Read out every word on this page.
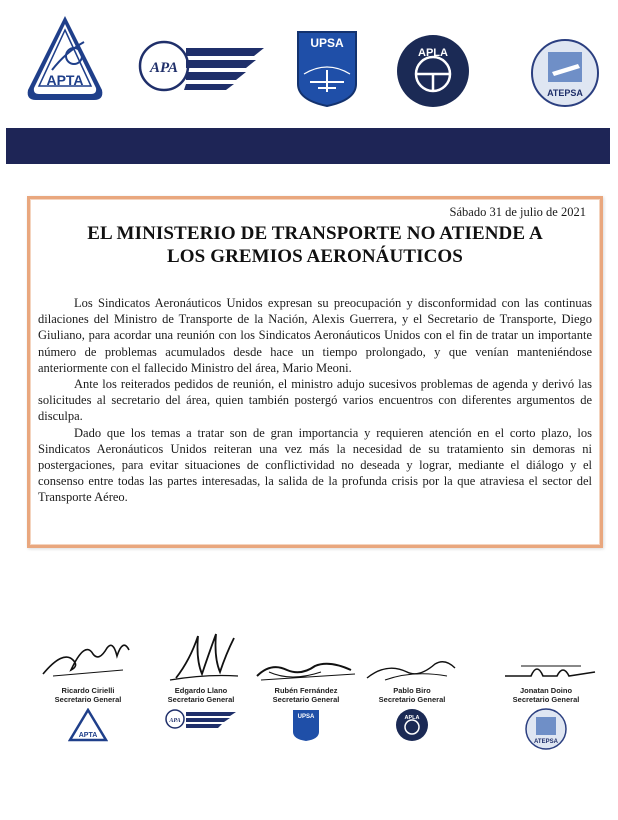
APTA
APA
UPSA
APLA
ATEPSA
Sábado 31 de julio de 2021
EL MINISTERIO DE TRANSPORTE NO ATIENDE A
LOS GREMIOS AERONÁUTICOS

Los Sindicatos Aeronáuticos Unidos expresan su preocupación y disconformidad con las continuas dilaciones del Ministro de Transporte de la Nación, Alexis Guerrera, y el Secretario de Transporte, Diego Giuliano, para acordar una reunión con los Sindicatos Aeronáuticos Unidos con el fin de tratar un importante número de problemas acumulados desde hace un tiempo prolongado, y que venían manteniéndose anteriormente con el fallecido Ministro del área, Mario Meoni.

Ante los reiterados pedidos de reunión, el ministro adujo sucesivos problemas de agenda y derivó las solicitudes al secretario del área, quien también postergó varios encuentros con diferentes argumentos de disculpa.

Dado que los temas a tratar son de gran importancia y requieren atención en el corto plazo, los Sindicatos Aeronáuticos Unidos reiteran una vez más la necesidad de su tratamiento sin demoras ni postergaciones, para evitar situaciones de conflictividad no deseada y lograr, mediante el diálogo y el consenso entre todas las partes interesadas, la salida de la profunda crisis por la que atraviesa el sector del Transporte Aéreo.

Ricardo Cirielli
Secretario General
APTA
Edgardo Llano
Secretario General
APA
Rubén Fernández
Secretario General
UPSA
Pablo Biro
Secretario General
APLA
Jonatan Doino
Secretario General
ATEPSA
